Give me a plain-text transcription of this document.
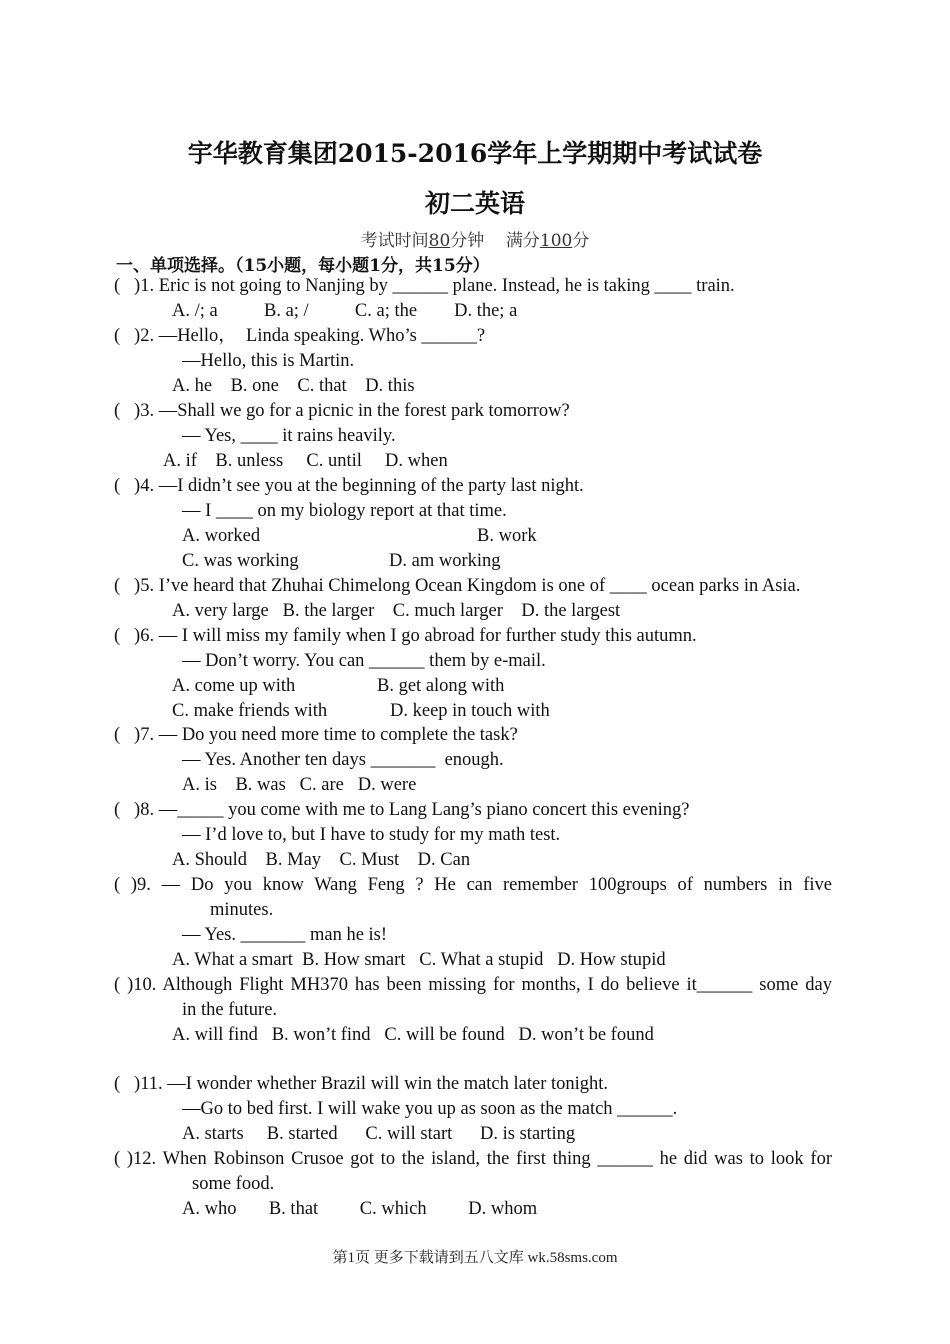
宇华教育集团2015-2016学年上学期期中考试试卷
初二英语
考试时间80分钟 满分100分
一、单项选择。（15小题，每小题1分，共15分）
(   )1. Eric is not going to Nanjing by ______ plane. Instead, he is taking ____ train.
A. /; a          B. a; /          C. a; the        D. the; a
(   )2. —Hello，  Linda speaking. Who’s ______?
—Hello, this is Martin.
A. he    B. one    C. that    D. this
(   )3. —Shall we go for a picnic in the forest park tomorrow?
— Yes, ____ it rains heavily.
A. if    B. unless     C. until     D. when
(   )4. —I didn’t see you at the beginning of the party last night.
— I ____ on my biology report at that time.
A. worked	B. work
C. was working	D. am working
(   )5. I’ve heard that Zhuhai Chimelong Ocean Kingdom is one of ____ ocean parks in Asia.
A. very large   B. the larger    C. much larger    D. the largest
(   )6. — I will miss my family when I go abroad for further study this autumn.
— Don’t worry. You can ______ them by e-mail.
A. come up with	B. get along with
C. make friends with	D. keep in touch with
(   )7. — Do you need more time to complete the task?
— Yes. Another ten days _______  enough.
A. is    B. was   C. are   D. were
(   )8. —_____ you come with me to Lang Lang’s piano concert this evening?
— I’d love to, but I have to study for my math test.
A. Should    B. May    C. Must    D. Can
( )9. — Do you know Wang Feng ? He can remember 100groups of numbers in five
minutes.
— Yes. _______ man he is!
A. What a smart  B. How smart   C. What a stupid   D. How stupid
( )10. Although Flight MH370 has been missing for months, I do believe it______ some day
in the future.
A. will find   B. won’t find   C. will be found   D. won’t be found
(   )11. —I wonder whether Brazil will win the match later tonight.
—Go to bed first. I will wake you up as soon as the match ______.
A. starts     B. started      C. will start      D. is starting
( )12. When Robinson Crusoe got to the island, the first thing ______ he did was to look for
some food.
A. who       B. that         C. which         D. whom
第1页 更多下载请到五八文库 wk.58sms.com
